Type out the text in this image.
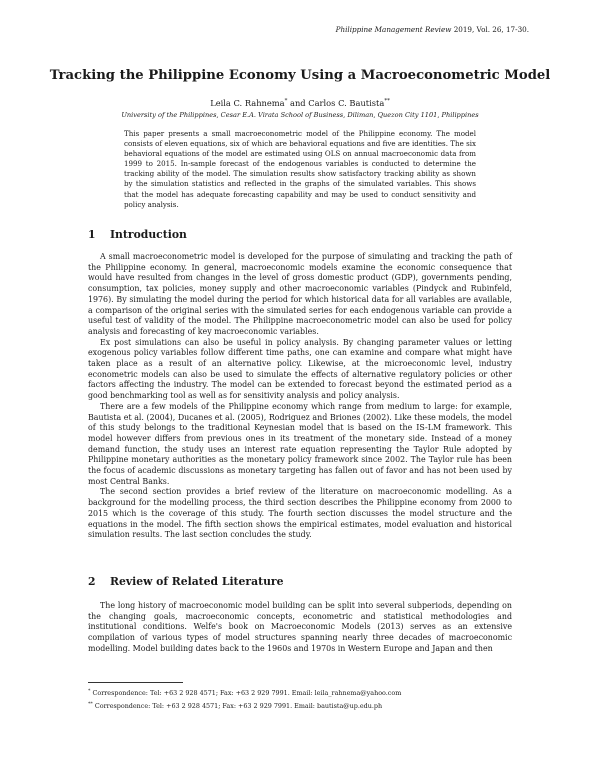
Philippine Management Review 2019, Vol. 26, 17-30.
Tracking the Philippine Economy Using a Macroeconometric Model
Leila C. Rahnema* and Carlos C. Bautista**
University of the Philippines, Cesar E.A. Virata School of Business, Diliman, Quezon City 1101, Philippines
This paper presents a small macroeconometric model of the Philippine economy. The model consists of eleven equations, six of which are behavioral equations and five are identities. The six behavioral equations of the model are estimated using OLS on annual macroeconomic data from 1999 to 2015. In-sample forecast of the endogenous variables is conducted to determine the tracking ability of the model. The simulation results show satisfactory tracking ability as shown by the simulation statistics and reflected in the graphs of the simulated variables. This shows that the model has adequate forecasting capability and may be used to conduct sensitivity and policy analysis.
1 Introduction

A small macroeconometric model is developed for the purpose of simulating and tracking the path of the Philippine economy. In general, macroeconomic models examine the economic consequence that would have resulted from changes in the level of gross domestic product (GDP), governments pending, consumption, tax policies, money supply and other macroeconomic variables (Pindyck and Rubinfeld, 1976). By simulating the model during the period for which historical data for all variables are available, a comparison of the original series with the simulated series for each endogenous variable can provide a useful test of validity of the model. The Philippine macroeconometric model can also be used for policy analysis and forecasting of key macroeconomic variables.

Ex post simulations can also be useful in policy analysis. By changing parameter values or letting exogenous policy variables follow different time paths, one can examine and compare what might have taken place as a result of an alternative policy. Likewise, at the microeconomic level, industry econometric models can also be used to simulate the effects of alternative regulatory policies or other factors affecting the industry. The model can be extended to forecast beyond the estimated period as a good benchmarking tool as well as for sensitivity analysis and policy analysis.

There are a few models of the Philippine economy which range from medium to large: for example, Bautista et al. (2004), Ducanes et al. (2005), Rodriguez and Briones (2002). Like these models, the model of this study belongs to the traditional Keynesian model that is based on the IS-LM framework. This model however differs from previous ones in its treatment of the monetary side. Instead of a money demand function, the study uses an interest rate equation representing the Taylor Rule adopted by Philippine monetary authorities as the monetary policy framework since 2002. The Taylor rule has been the focus of academic discussions as monetary targeting has fallen out of favor and has not been used by most Central Banks.

The second section provides a brief review of the literature on macroeconomic modelling. As a background for the modelling process, the third section describes the Philippine economy from 2000 to 2015 which is the coverage of this study. The fourth section discusses the model structure and the equations in the model. The fifth section shows the empirical estimates, model evaluation and historical simulation results. The last section concludes the study.

2 Review of Related Literature

The long history of macroeconomic model building can be split into several subperiods, depending on the changing goals, macroeconomic concepts, econometric and statistical methodologies and institutional conditions. Welfe's book on Macroeconomic Models (2013) serves as an extensive compilation of various types of model structures spanning nearly three decades of macroeconomic modelling. Model building dates back to the 1960s and 1970s in Western Europe and Japan and then

* Correspondence: Tel: +63 2 928 4571; Fax: +63 2 929 7991. Email: leila_rahnema@yahoo.com
** Correspondence: Tel: +63 2 928 4571; Fax: +63 2 929 7991. Email: bautista@up.edu.ph
